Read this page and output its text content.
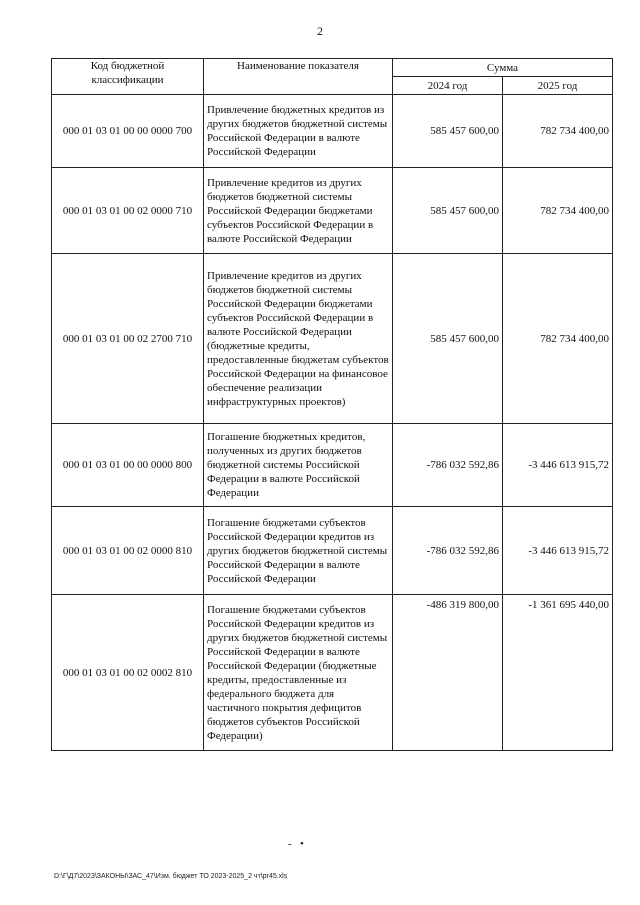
2
Код бюджетной классификации	Наименование показателя	Сумма	
		2024 год	2025 год
000 01 03 01 00 00 0000 700	Привлечение бюджетных кредитов из других бюджетов бюджетной системы Российской Федерации в валюте Российской Федерации	585 457 600,00	782 734 400,00
000 01 03 01 00 02 0000 710	Привлечение кредитов из других бюджетов бюджетной системы Российской Федерации бюджетами субъектов Российской Федерации в валюте Российской Федерации	585 457 600,00	782 734 400,00
000 01 03 01 00 02 2700 710	Привлечение кредитов из других бюджетов бюджетной системы Российской Федерации бюджетами субъектов Российской Федерации в валюте Российской Федерации (бюджетные кредиты, предоставленные бюджетам субъектов Российской Федерации на финансовое обеспечение реализации инфраструктурных проектов)	585 457 600,00	782 734 400,00
000 01 03 01 00 00 0000 800	Погашение бюджетных кредитов, полученных из других бюджетов бюджетной системы Российской Федерации в валюте Российской Федерации	-786 032 592,86	-3 446 613 915,72
000 01 03 01 00 02 0000 810	Погашение бюджетами субъектов Российской Федерации кредитов из других бюджетов бюджетной системы Российской Федерации в валюте Российской Федерации	-786 032 592,86	-3 446 613 915,72
000 01 03 01 00 02 0002 810	Погашение бюджетами субъектов Российской Федерации кредитов из других бюджетов бюджетной системы Российской Федерации в валюте Российской Федерации (бюджетные кредиты, предоставленные из федерального бюджета для частичного покрытия дефицитов бюджетов субъектов Российской Федерации)	-486 319 800,00	-1 361 695 440,00
- •
D:\Г\Д7\2023\ЗАКОНЫ\ЗАС_47\Изм. бюджет ТО 2023-2025_2 чт\pr45.xls
